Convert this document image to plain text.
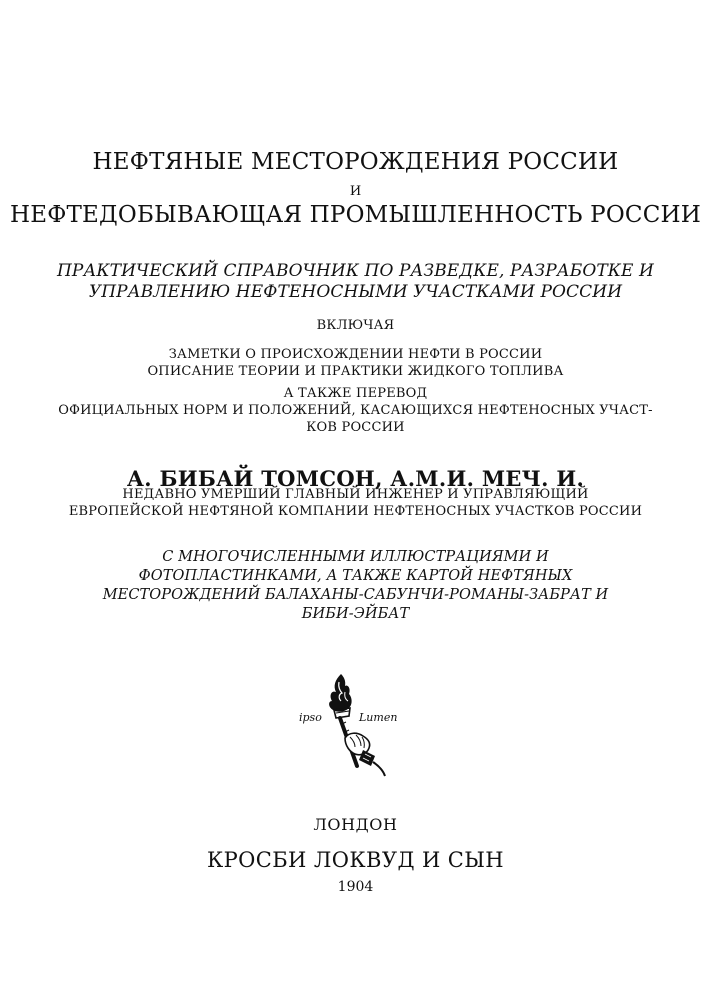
НЕФТЯНЫЕ МЕСТОРОЖДЕНИЯ РОССИИ
И
НЕФТЕДОБЫВАЮЩАЯ ПРОМЫШЛЕННОСТЬ РОССИИ
ПРАКТИЧЕСКИЙ СПРАВОЧНИК ПО РАЗВЕДКЕ, РАЗРАБОТКЕ И
УПРАВЛЕНИЮ НЕФТЕНОСНЫМИ УЧАСТКАМИ РОССИИ
ВКЛЮЧАЯ
ЗАМЕТКИ О ПРОИСХОЖДЕНИИ НЕФТИ В РОССИИ
ОПИСАНИЕ ТЕОРИИ И ПРАКТИКИ ЖИДКОГО ТОПЛИВА
А ТАКЖЕ ПЕРЕВОД
ОФИЦИАЛЬНЫХ НОРМ И ПОЛОЖЕНИЙ, КАСАЮЩИХСЯ НЕФТЕНОСНЫХ УЧАСТ-
КОВ РОССИИ
А. БИБАЙ ТОМСОН, А.М.И. МЕЧ. И.
НЕДАВНО УМЕРШИЙ ГЛАВНЫЙ ИНЖЕНЕР И УПРАВЛЯЮЩИЙ
ЕВРОПЕЙСКОЙ НЕФТЯНОЙ КОМПАНИИ НЕФТЕНОСНЫХ УЧАСТКОВ РОССИИ
С МНОГОЧИСЛЕННЫМИ ИЛЛЮСТРАЦИЯМИ И
ФОТОПЛАСТИНКАМИ, А ТАКЖЕ КАРТОЙ НЕФТЯНЫХ
МЕСТОРОЖДЕНИЙ БАЛАХАНЫ-САБУНЧИ-РОМАНЫ-ЗАБРАТ И
БИБИ-ЭЙБАТ
ipso	Lumen
ЛОНДОН
КРОСБИ ЛОКВУД И СЫН
1904
